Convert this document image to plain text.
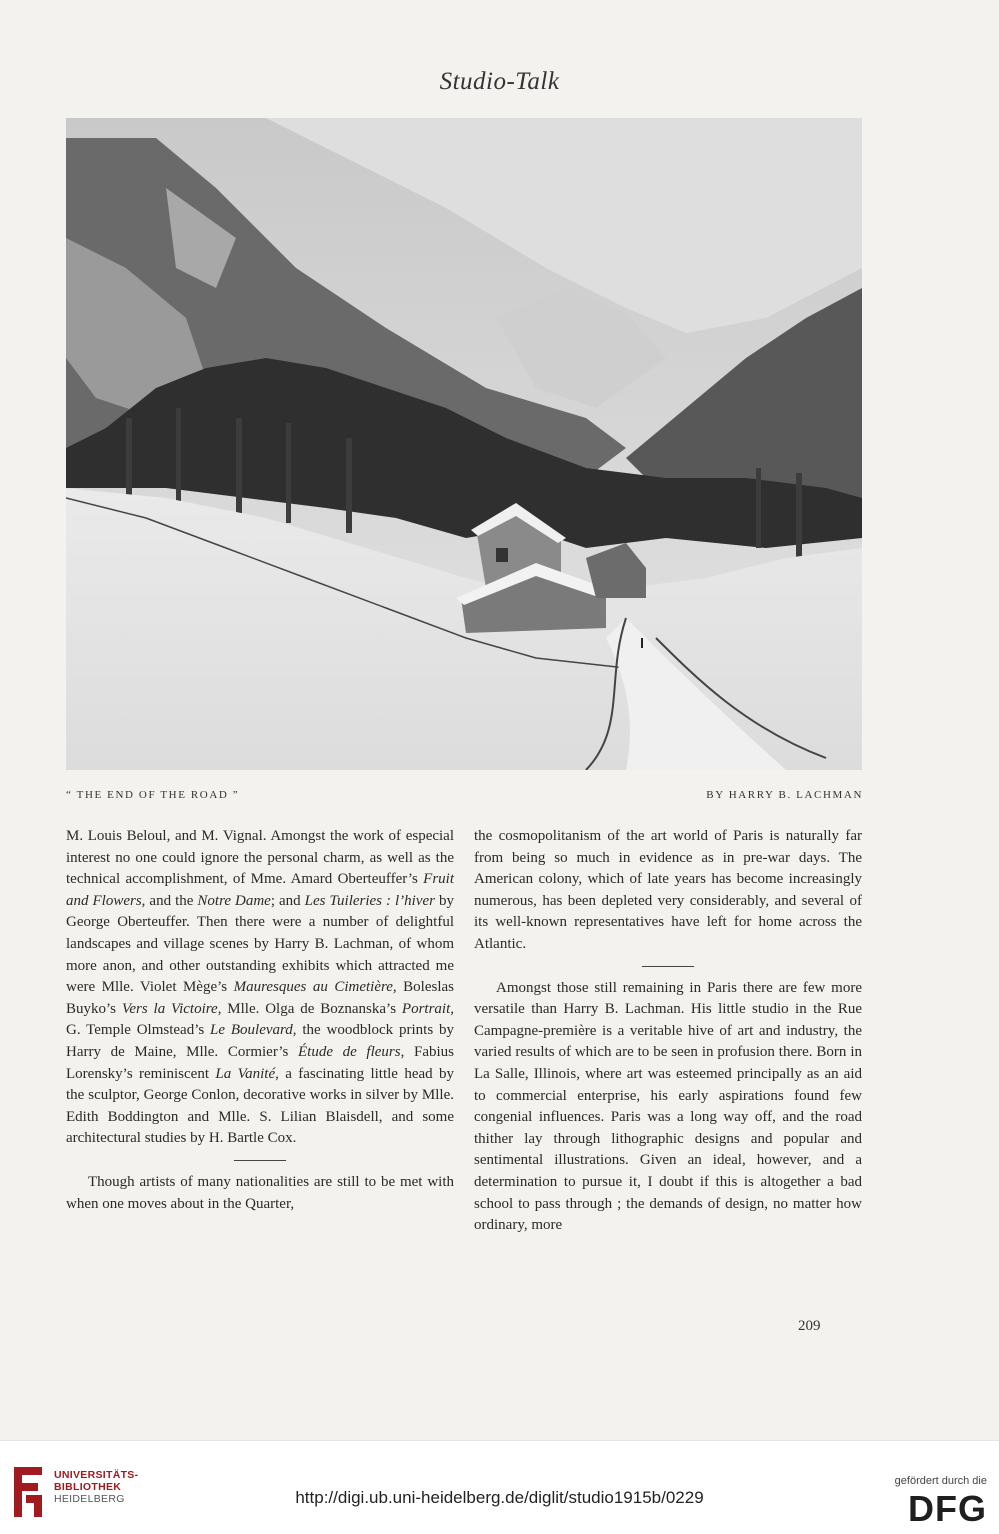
Studio-Talk
“ THE END OF THE ROAD ”	BY HARRY B. LACHMAN

M. Louis Beloul, and M. Vignal. Amongst the work of especial interest no one could ignore the personal charm, as well as the technical accomplishment, of Mme. Amard Oberteuffer’s Fruit and Flowers, and the Notre Dame; and Les Tuileries : l’hiver by George Oberteuffer. Then there were a number of delightful landscapes and village scenes by Harry B. Lachman, of whom more anon, and other outstanding exhibits which attracted me were Mlle. Violet Mège’s Mauresques au Cimetière, Boleslas Buyko’s Vers la Victoire, Mlle. Olga de Boznanska’s Portrait, G. Temple Olmstead’s Le Boulevard, the woodblock prints by Harry de Maine, Mlle. Cormier’s Étude de fleurs, Fabius Lorensky’s reminiscent La Vanité, a fascinating little head by the sculptor, George Conlon, decorative works in silver by Mlle. Edith Boddington and Mlle. S. Lilian Blaisdell, and some architectural studies by H. Bartle Cox.

Though artists of many nationalities are still to be met with when one moves about in the Quarter,

the cosmopolitanism of the art world of Paris is naturally far from being so much in evidence as in pre-war days. The American colony, which of late years has become increasingly numerous, has been depleted very considerably, and several of its well-known representatives have left for home across the Atlantic.

Amongst those still remaining in Paris there are few more versatile than Harry B. Lachman. His little studio in the Rue Campagne-première is a veritable hive of art and industry, the varied results of which are to be seen in profusion there. Born in La Salle, Illinois, where art was esteemed principally as an aid to commercial enterprise, his early aspirations found few congenial influences. Paris was a long way off, and the road thither lay through lithographic designs and popular and sentimental illustrations. Given an ideal, however, and a determination to pursue it, I doubt if this is altogether a bad school to pass through ; the demands of design, no matter how ordinary, more

209
UNIVERSITÄTS-
BIBLIOTHEK
HEIDELBERG	http://digi.ub.uni-heidelberg.de/diglit/studio1915b/0229
gefördert durch die
DFG
